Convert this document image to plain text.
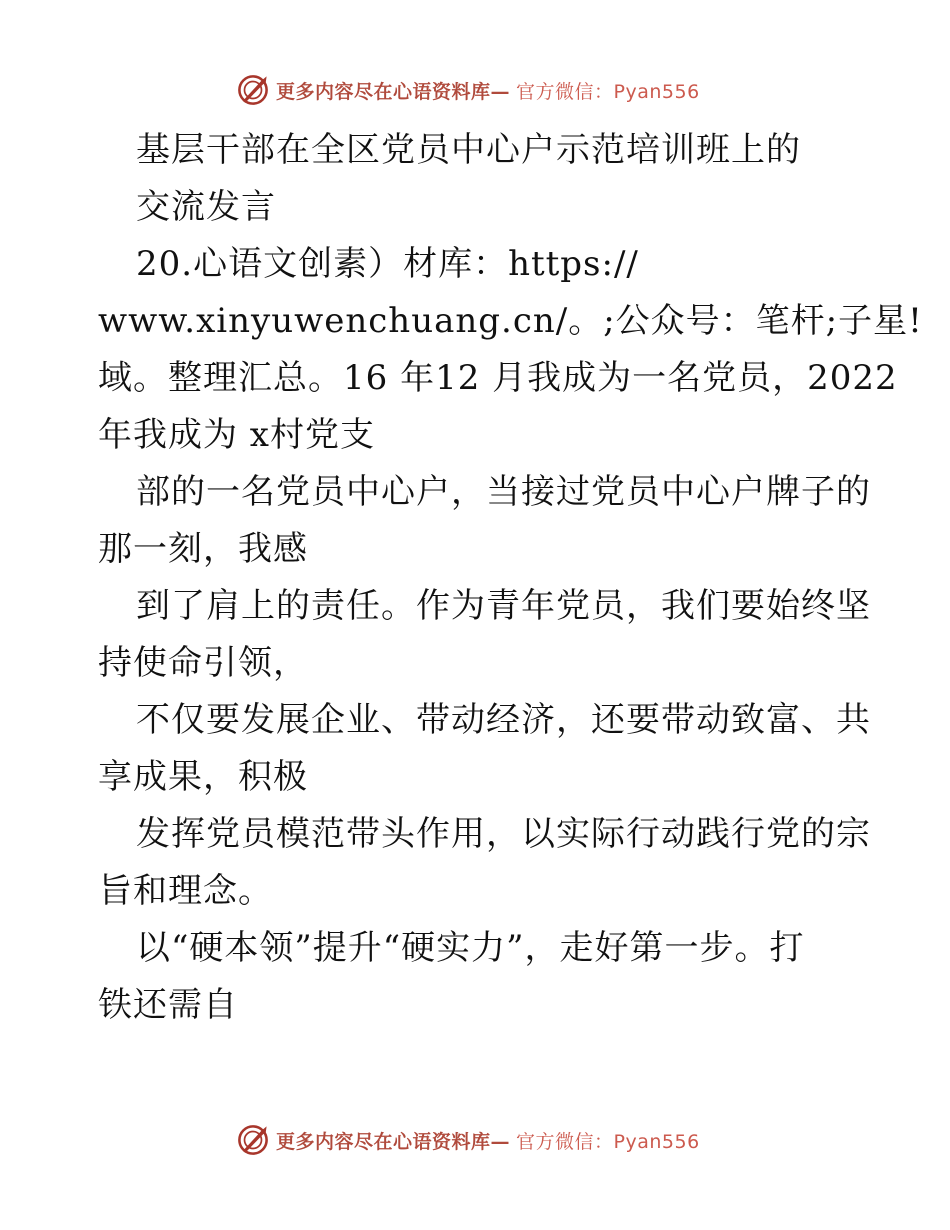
更多内容尽在心语资料库— 官方微信：Pyan556
基层干部在全区党员中心户示范培训班上的
交流发言
20.心语文创素）材库：https://
www.xinyuwenchuang.cn/。;公众号：笔杆;子星!
域。整理汇总。16 年12 月我成为一名党员，2022
年我成为 x村党支
部的一名党员中心户，当接过党员中心户牌子的
那一刻，我感
到了肩上的责任。作为青年党员，我们要始终坚
持使命引领，
不仅要发展企业、带动经济，还要带动致富、共
享成果，积极
发挥党员模范带头作用，以实际行动践行党的宗
旨和理念。
以“硬本领”提升“硬实力”，走好第一步。打
铁还需自
更多内容尽在心语资料库— 官方微信：Pyan556
